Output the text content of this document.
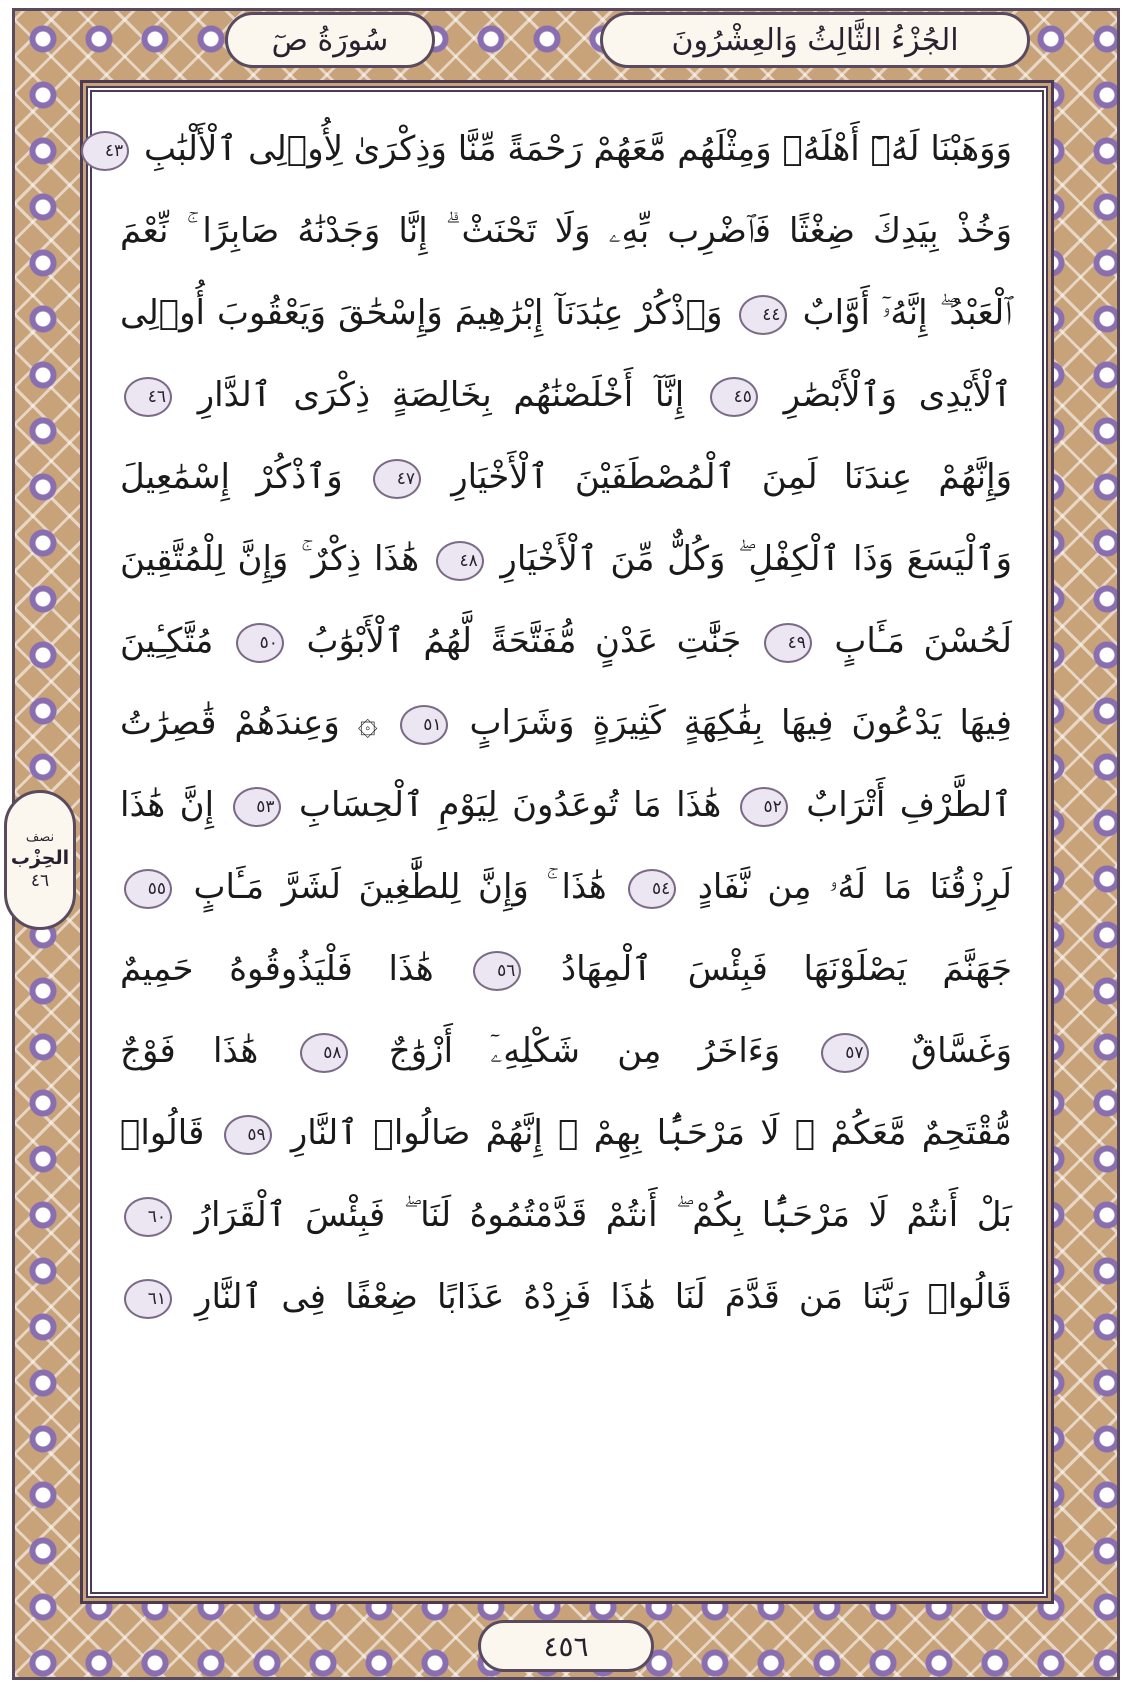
الجُزْءُ الثَّالِثُ وَالعِشْرُونَ
سُورَةُ صٓ
نصف
الحِزْب
٤٦
وَوَهَبْنَا لَهُۥٓ أَهْلَهُۥ وَمِثْلَهُم مَّعَهُمْ رَحْمَةً مِّنَّا وَذِكْرَىٰ لِأُو۟لِى ٱلْأَلْبَٰبِ ٤٣
وَخُذْ بِيَدِكَ ضِغْثًا فَٱضْرِب بِّهِۦ وَلَا تَحْنَثْ ۗ إِنَّا وَجَدْنَٰهُ صَابِرًا ۚ نِّعْمَ
ٱلْعَبْدُ ۖ إِنَّهُۥٓ أَوَّابٌ ٤٤ وَٱذْكُرْ عِبَٰدَنَآ إِبْرَٰهِيمَ وَإِسْحَٰقَ وَيَعْقُوبَ أُو۟لِى
ٱلْأَيْدِى وَٱلْأَبْصَٰرِ ٤٥ إِنَّآ أَخْلَصْنَٰهُم بِخَالِصَةٍ ذِكْرَى ٱلدَّارِ ٤٦
وَإِنَّهُمْ عِندَنَا لَمِنَ ٱلْمُصْطَفَيْنَ ٱلْأَخْيَارِ ٤٧ وَٱذْكُرْ إِسْمَٰعِيلَ
وَٱلْيَسَعَ وَذَا ٱلْكِفْلِ ۖ وَكُلٌّ مِّنَ ٱلْأَخْيَارِ ٤٨ هَٰذَا ذِكْرٌ ۚ وَإِنَّ لِلْمُتَّقِينَ
لَحُسْنَ مَـَٔابٍ ٤٩ جَنَّٰتِ عَدْنٍ مُّفَتَّحَةً لَّهُمُ ٱلْأَبْوَٰبُ ٥٠ مُتَّكِـِٔينَ
فِيهَا يَدْعُونَ فِيهَا بِفَٰكِهَةٍ كَثِيرَةٍ وَشَرَابٍ ٥١ ۞ وَعِندَهُمْ قَٰصِرَٰتُ
ٱلطَّرْفِ أَتْرَابٌ ٥٢ هَٰذَا مَا تُوعَدُونَ لِيَوْمِ ٱلْحِسَابِ ٥٣ إِنَّ هَٰذَا
لَرِزْقُنَا مَا لَهُۥ مِن نَّفَادٍ ٥٤ هَٰذَا ۚ وَإِنَّ لِلطَّٰغِينَ لَشَرَّ مَـَٔابٍ ٥٥
جَهَنَّمَ يَصْلَوْنَهَا فَبِئْسَ ٱلْمِهَادُ ٥٦ هَٰذَا فَلْيَذُوقُوهُ حَمِيمٌ
وَغَسَّاقٌ ٥٧ وَءَاخَرُ مِن شَكْلِهِۦٓ أَزْوَٰجٌ ٥٨ هَٰذَا فَوْجٌ
مُّقْتَحِمٌ مَّعَكُمْ ۖ لَا مَرْحَبًۢا بِهِمْ ۚ إِنَّهُمْ صَالُوا۟ ٱلنَّارِ ٥٩ قَالُوا۟
بَلْ أَنتُمْ لَا مَرْحَبًۢا بِكُمْ ۖ أَنتُمْ قَدَّمْتُمُوهُ لَنَا ۖ فَبِئْسَ ٱلْقَرَارُ ٦٠
قَالُوا۟ رَبَّنَا مَن قَدَّمَ لَنَا هَٰذَا فَزِدْهُ عَذَابًا ضِعْفًا فِى ٱلنَّارِ ٦١
٤٥٦
